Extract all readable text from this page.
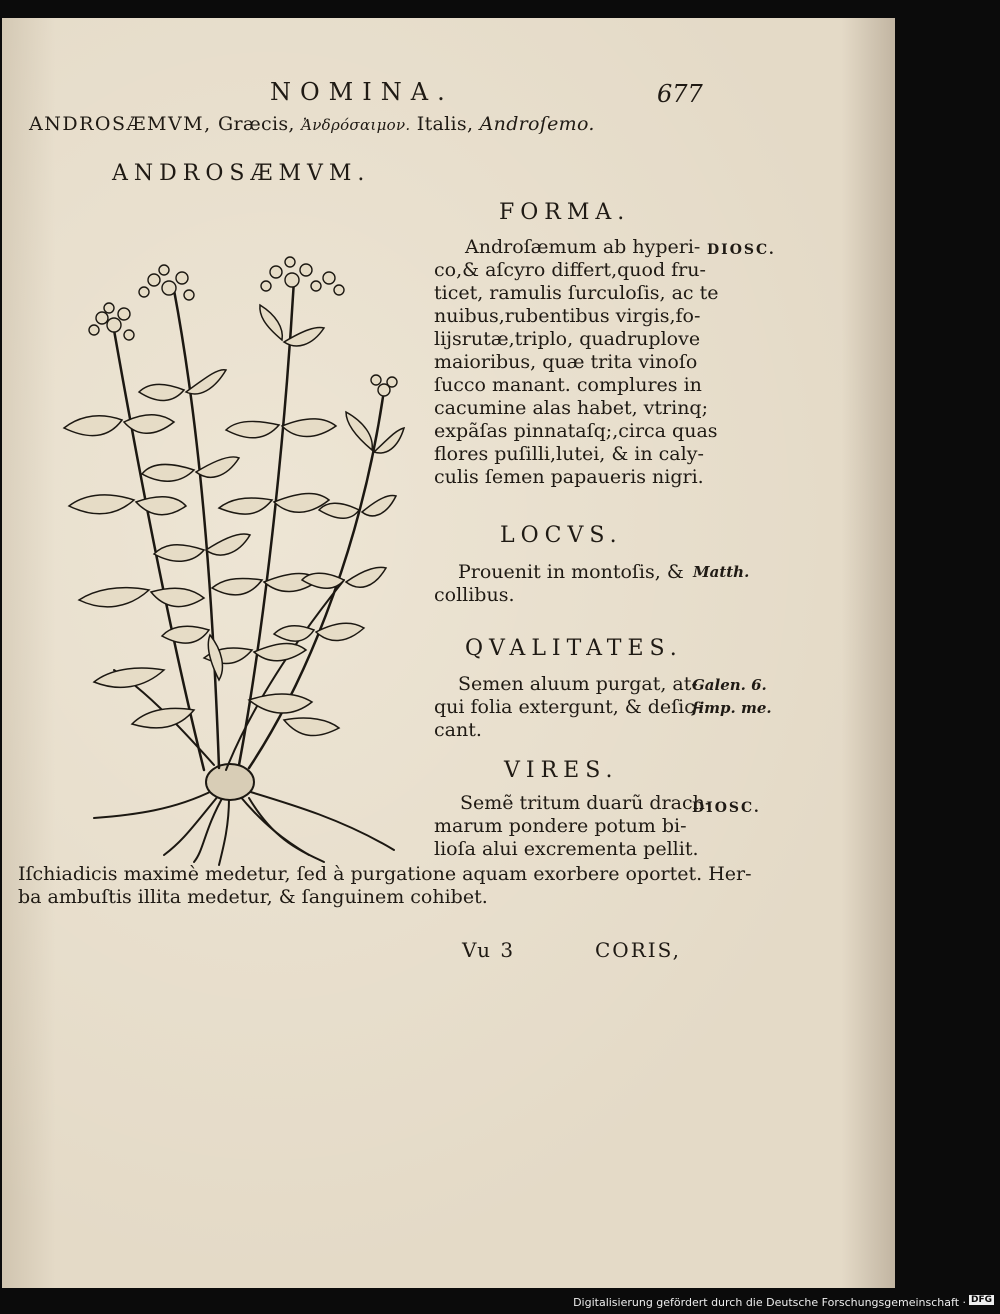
NOMINA.	677
ANDROSÆMVM, Græcis, Ἀνδρόσαιμον. Italis, Androſemo.
ANDROSÆMVM.
FORMA.
Androſæmum ab hyperi-
co,& aſcyro differt,quod fru-
ticet, ramulis ſurculoſis, ac te
nuibus,rubentibus virgis,fo-
lijsrutæ,triplo, quadruplove
maioribus, quæ trita vinoſo
ſucco manant. complures in
cacumine alas habet, vtrinq;
expãſas pinnataſq;,circa quas
flores puſilli,lutei, & in caly-
culis ſemen papaueris nigri.
DIOSC.
LOCVS.
Prouenit in montoſis, &
collibus.
Matth.
QVALITATES.
Semen aluum purgat, at-
qui folia extergunt, & deſic-
cant.
Galen. 6.
ſimp. me.
VIRES.
Semẽ tritum duarũ drach-
marum pondere potum bi-
lioſa alui excrementa pellit.
DIOSC.
Iſchiadicis maximè medetur, ſed à purgatione aquam exorbere oportet. Her-
ba ambuſtis illita medetur, & ſanguinem cohibet.
Vu 3	CORIS,
Digitalisierung gefördert durch die Deutsche Forschungsgemeinschaft · DFG
